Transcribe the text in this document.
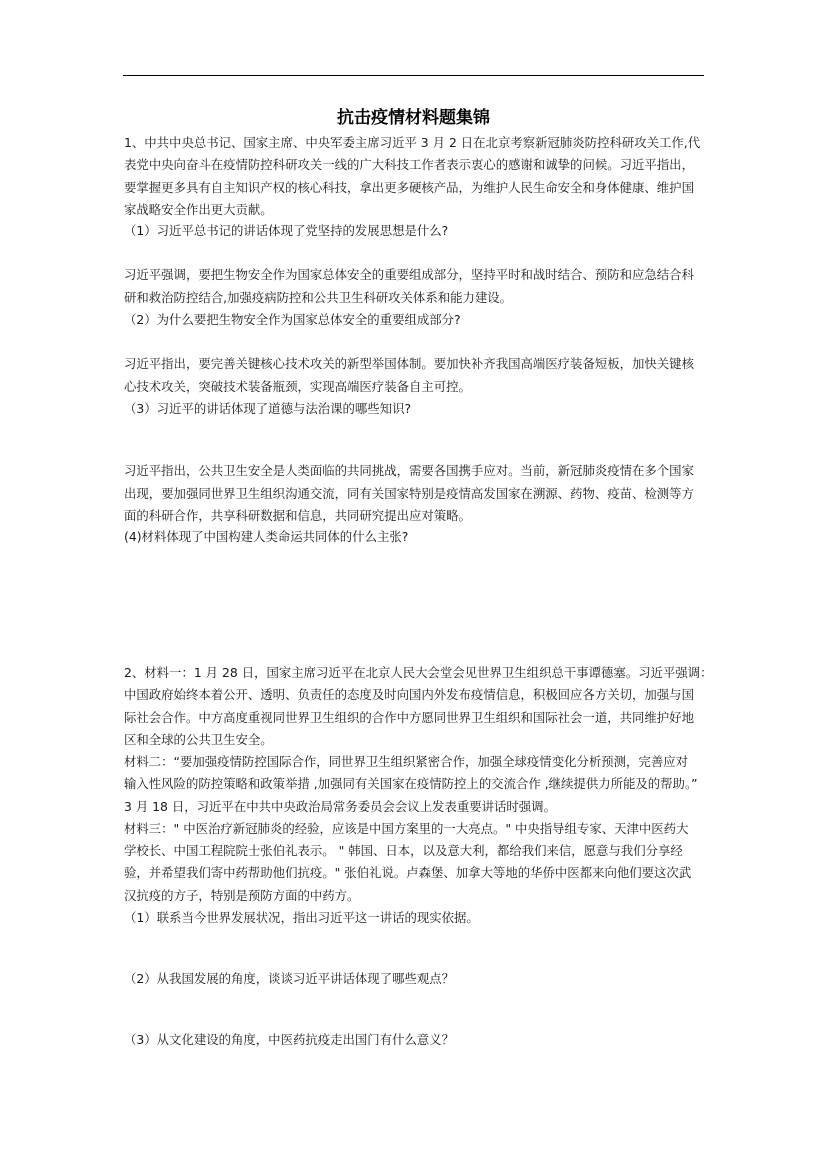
抗击疫情材料题集锦
1、中共中央总书记、国家主席、中央军委主席习近平 3 月 2 日在北京考察新冠肺炎防控科研攻关工作,代
表党中央向奋斗在疫情防控科研攻关一线的广大科技工作者表示衷心的感谢和诚挚的问候。习近平指出，
要掌握更多具有自主知识产权的核心科技，拿出更多硬核产品，为维护人民生命安全和身体健康、维护国
家战略安全作出更大贡献。
（1）习近平总书记的讲话体现了党坚持的发展思想是什么?
习近平强调，要把生物安全作为国家总体安全的重要组成部分，坚持平时和战时结合、预防和应急结合科
研和救治防控结合,加强疫病防控和公共卫生科研攻关体系和能力建设。
（2）为什么要把生物安全作为国家总体安全的重要组成部分?
习近平指出，要完善关键核心技术攻关的新型举国体制。要加快补齐我国高端医疗装备短板，加快关键核
心技术攻关，突破技术装备瓶颈，实现高端医疗装备自主可控。
（3）习近平的讲话体现了道德与法治课的哪些知识?
习近平指出，公共卫生安全是人类面临的共同挑战，需要各国携手应对。当前，新冠肺炎疫情在多个国家
出现，要加强同世界卫生组织沟通交流，同有关国家特别是疫情高发国家在溯源、药物、疫苗、检测等方
面的科研合作，共享科研数据和信息，共同研究提出应对策略。
(4)材料体现了中国构建人类命运共同体的什么主张?
2、材料一：1 月 28 日，国家主席习近平在北京人民大会堂会见世界卫生组织总干事谭德塞。习近平强调：
中国政府始终本着公开、透明、负责任的态度及时向国内外发布疫情信息，积极回应各方关切，加强与国
际社会合作。中方高度重视同世界卫生组织的合作中方愿同世界卫生组织和国际社会一道，共同维护好地
区和全球的公共卫生安全。
材料二：“要加强疫情防控国际合作，同世界卫生组织紧密合作，加强全球疫情变化分析预测，完善应对
输入性风险的防控策略和政策举措 ,加强同有关国家在疫情防控上的交流合作 ,继续提供力所能及的帮助。”
3 月 18 日，习近平在中共中央政治局常务委员会会议上发表重要讲话时强调。
材料三：" 中医治疗新冠肺炎的经验，应该是中国方案里的一大亮点。" 中央指导组专家、天津中医药大
学校长、中国工程院院士张伯礼表示。 " 韩国、日本，以及意大利，都给我们来信，愿意与我们分享经
验，并希望我们寄中药帮助他们抗疫。" 张伯礼说。卢森堡、加拿大等地的华侨中医都来向他们要这次武
汉抗疫的方子，特别是预防方面的中药方。
（1）联系当今世界发展状况，指出习近平这一讲话的现实依据。
（2）从我国发展的角度，谈谈习近平讲话体现了哪些观点？
（3）从文化建设的角度，中医药抗疫走出国门有什么意义？
